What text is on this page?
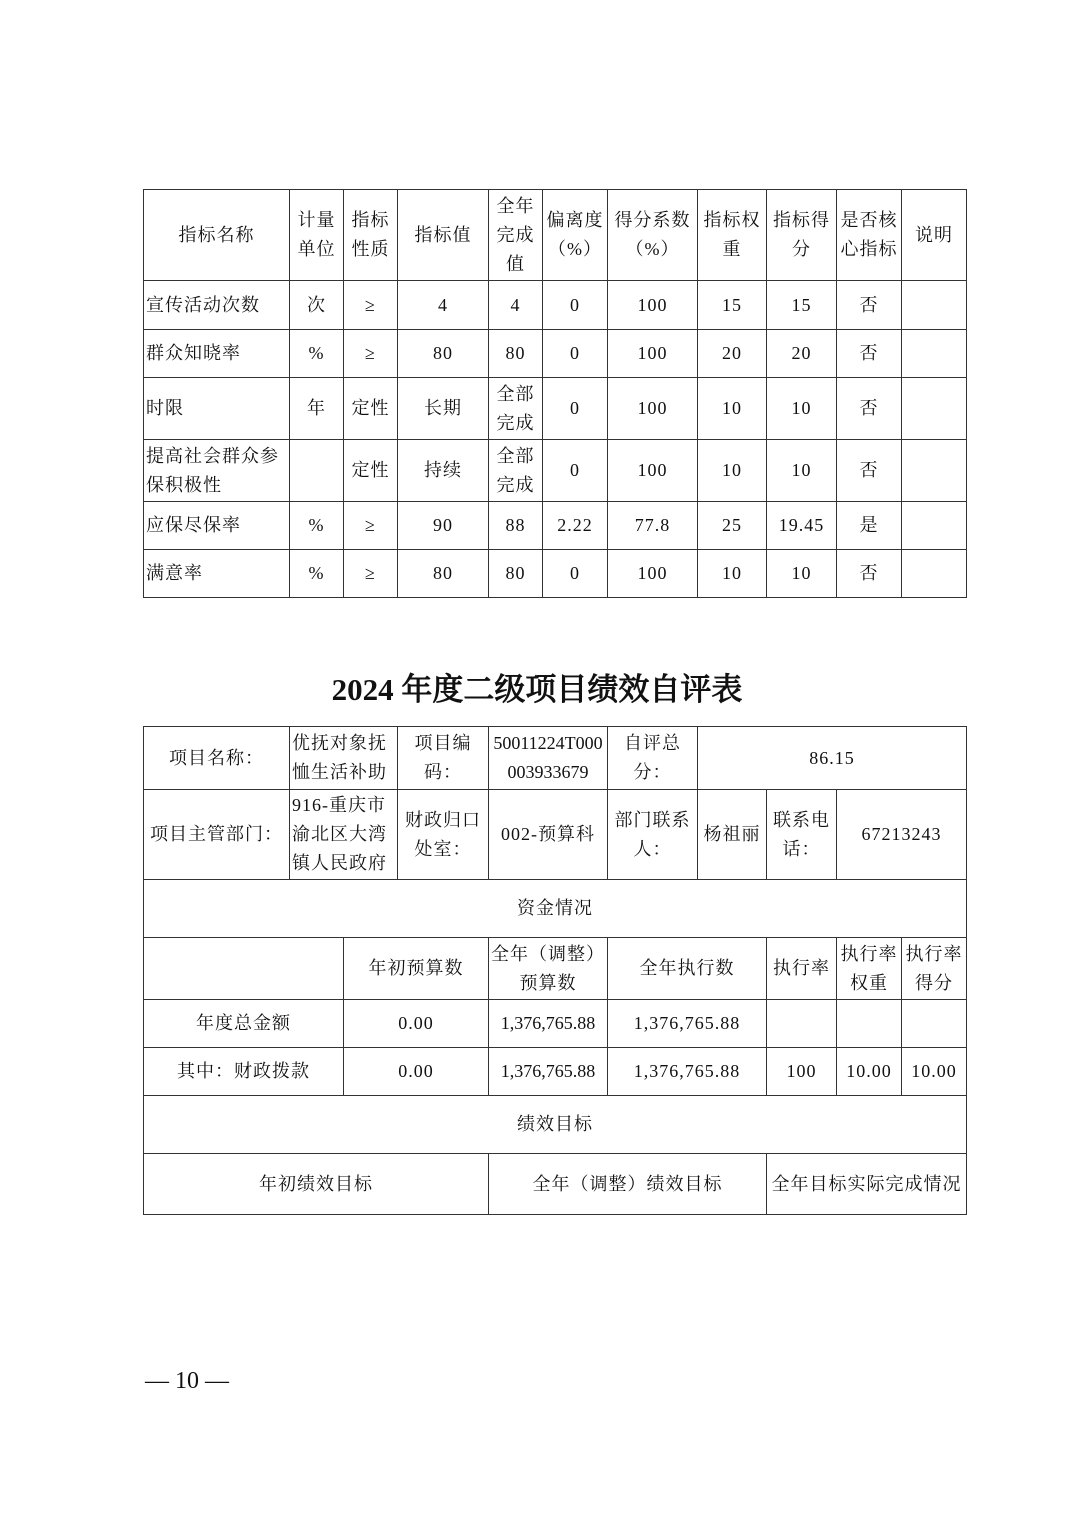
指标名称	计量单位	指标性质	指标值	全年完成值	偏离度（%）	得分系数（%）	指标权重	指标得分	是否核心指标	说明
宣传活动次数	次	≥	4	4	0	100	15	15	否	
群众知晓率	%	≥	80	80	0	100	20	20	否	
时限	年	定性	长期	全部完成	0	100	10	10	否	
提高社会群众参保积极性		定性	持续	全部完成	0	100	10	10	否	
应保尽保率	%	≥	90	88	2.22	77.8	25	19.45	是	
满意率	%	≥	80	80	0	100	10	10	否	
2024 年度二级项目绩效自评表
项目名称：	优抚对象抚恤生活补助		项目编码：	50011224T000003933679	自评总分：	86.15			
项目主管部门：	916-重庆市渝北区大湾镇人民政府		财政归口处室：	002-预算科	部门联系人：	杨祖丽	联系电话：	67213243	
资金情况									
		年初预算数		全年（调整）预算数	全年执行数		执行率	执行率权重	执行率得分
年度总金额		0.00		1,376,765.88	1,376,765.88				
其中：财政拨款		0.00		1,376,765.88	1,376,765.88		100	10.00	10.00
绩效目标									
年初绩效目标				全年（调整）绩效目标			全年目标实际完成情况		
— 10 —
